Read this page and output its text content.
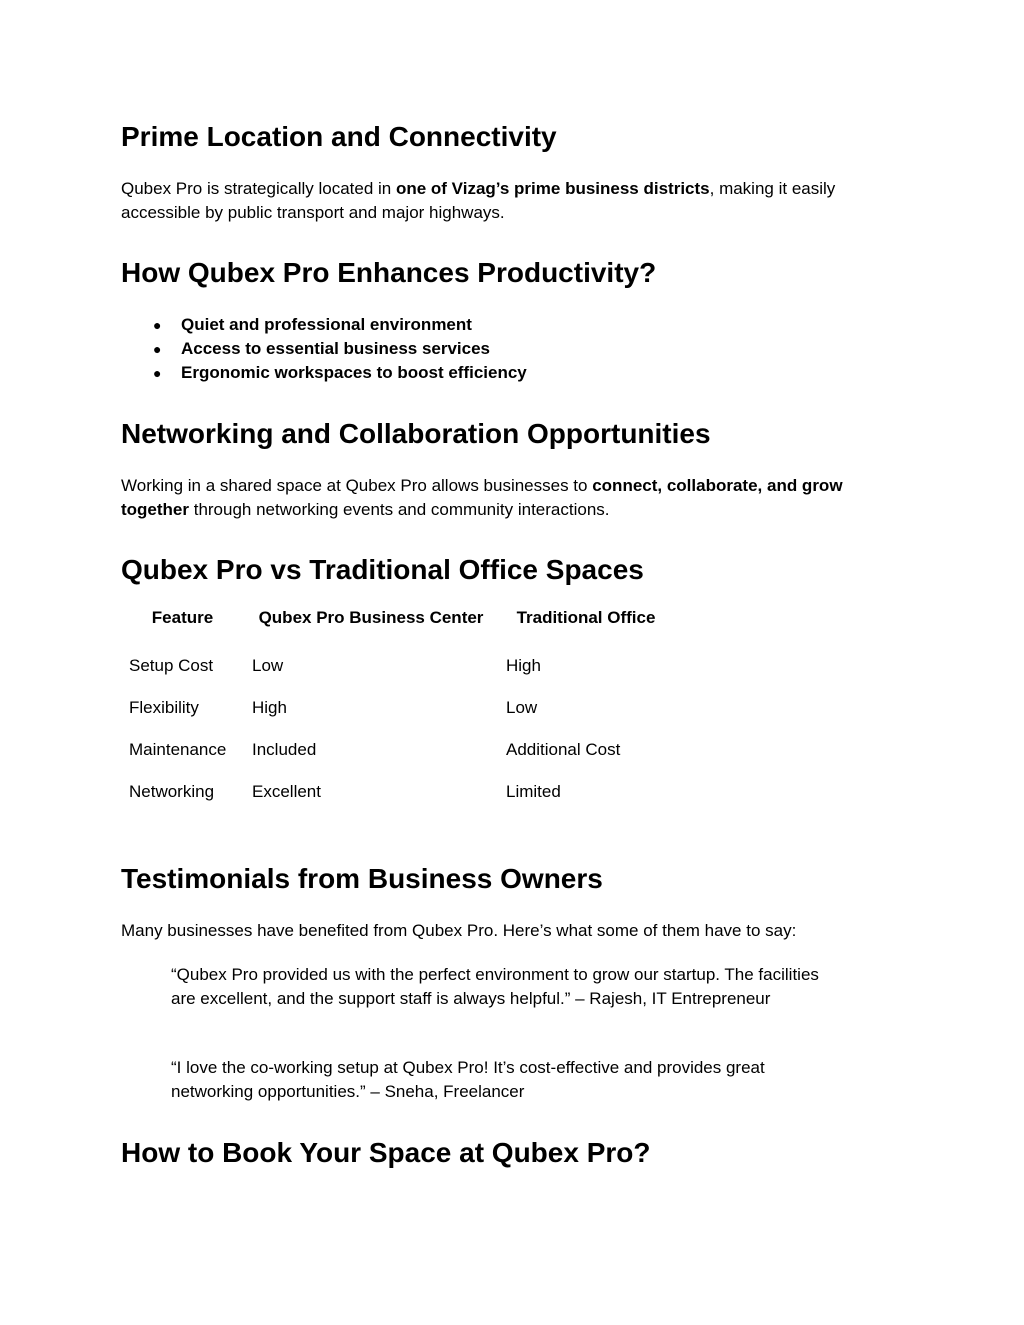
Prime Location and Connectivity

Qubex Pro is strategically located in one of Vizag’s prime business districts, making it easily accessible by public transport and major highways.

How Qubex Pro Enhances Productivity?
● Quiet and professional environment
● Access to essential business services
● Ergonomic workspaces to boost efficiency
Networking and Collaboration Opportunities

Working in a shared space at Qubex Pro allows businesses to connect, collaborate, and grow together through networking events and community interactions.

Qubex Pro vs Traditional Office Spaces
Feature	Qubex Pro Business Center	Traditional Office
Setup Cost	Low	High
Flexibility	High	Low
Maintenance	Included	Additional Cost
Networking	Excellent	Limited
Testimonials from Business Owners

Many businesses have benefited from Qubex Pro. Here’s what some of them have to say:

“Qubex Pro provided us with the perfect environment to grow our startup. The facilities are excellent, and the support staff is always helpful.” – Rajesh, IT Entrepreneur
“I love the co-working setup at Qubex Pro! It’s cost-effective and provides great networking opportunities.” – Sneha, Freelancer
How to Book Your Space at Qubex Pro?
